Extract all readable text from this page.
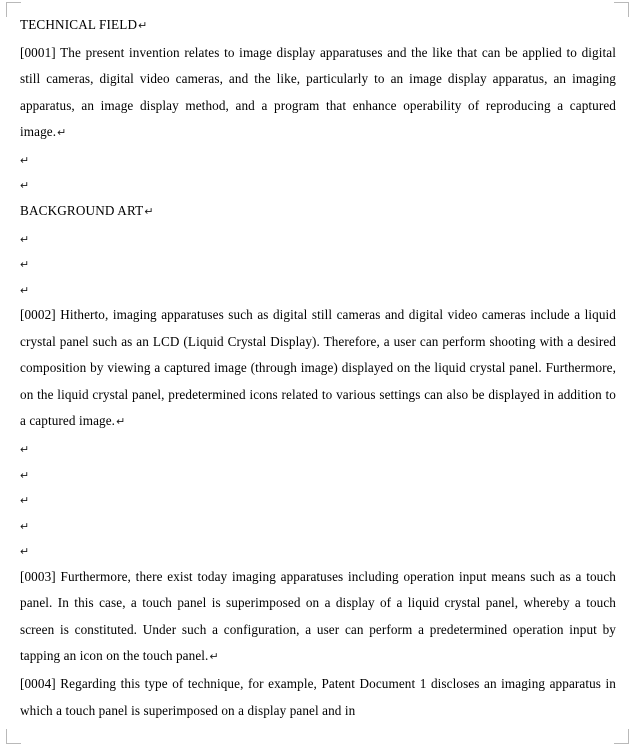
TECHNICAL FIELD↵

[0001] The present invention relates to image display apparatuses and the like that can be applied to digital still cameras, digital video cameras, and the like, particularly to an image display apparatus, an imaging apparatus, an image display method, and a program that enhance operability of reproducing a captured image.↵

↵

↵

BACKGROUND ART↵

↵

↵

↵

[0002] Hitherto, imaging apparatuses such as digital still cameras and digital video cameras include a liquid crystal panel such as an LCD (Liquid Crystal Display). Therefore, a user can perform shooting with a desired composition by viewing a captured image (through image) displayed on the liquid crystal panel. Furthermore, on the liquid crystal panel, predetermined icons related to various settings can also be displayed in addition to a captured image.↵

↵

↵

↵

↵

↵

[0003] Furthermore, there exist today imaging apparatuses including operation input means such as a touch panel. In this case, a touch panel is superimposed on a display of a liquid crystal panel, whereby a touch screen is constituted. Under such a configuration, a user can perform a predetermined operation input by tapping an icon on the touch panel.↵

[0004] Regarding this type of technique, for example, Patent Document 1 discloses an imaging apparatus in which a touch panel is superimposed on a display panel and in
